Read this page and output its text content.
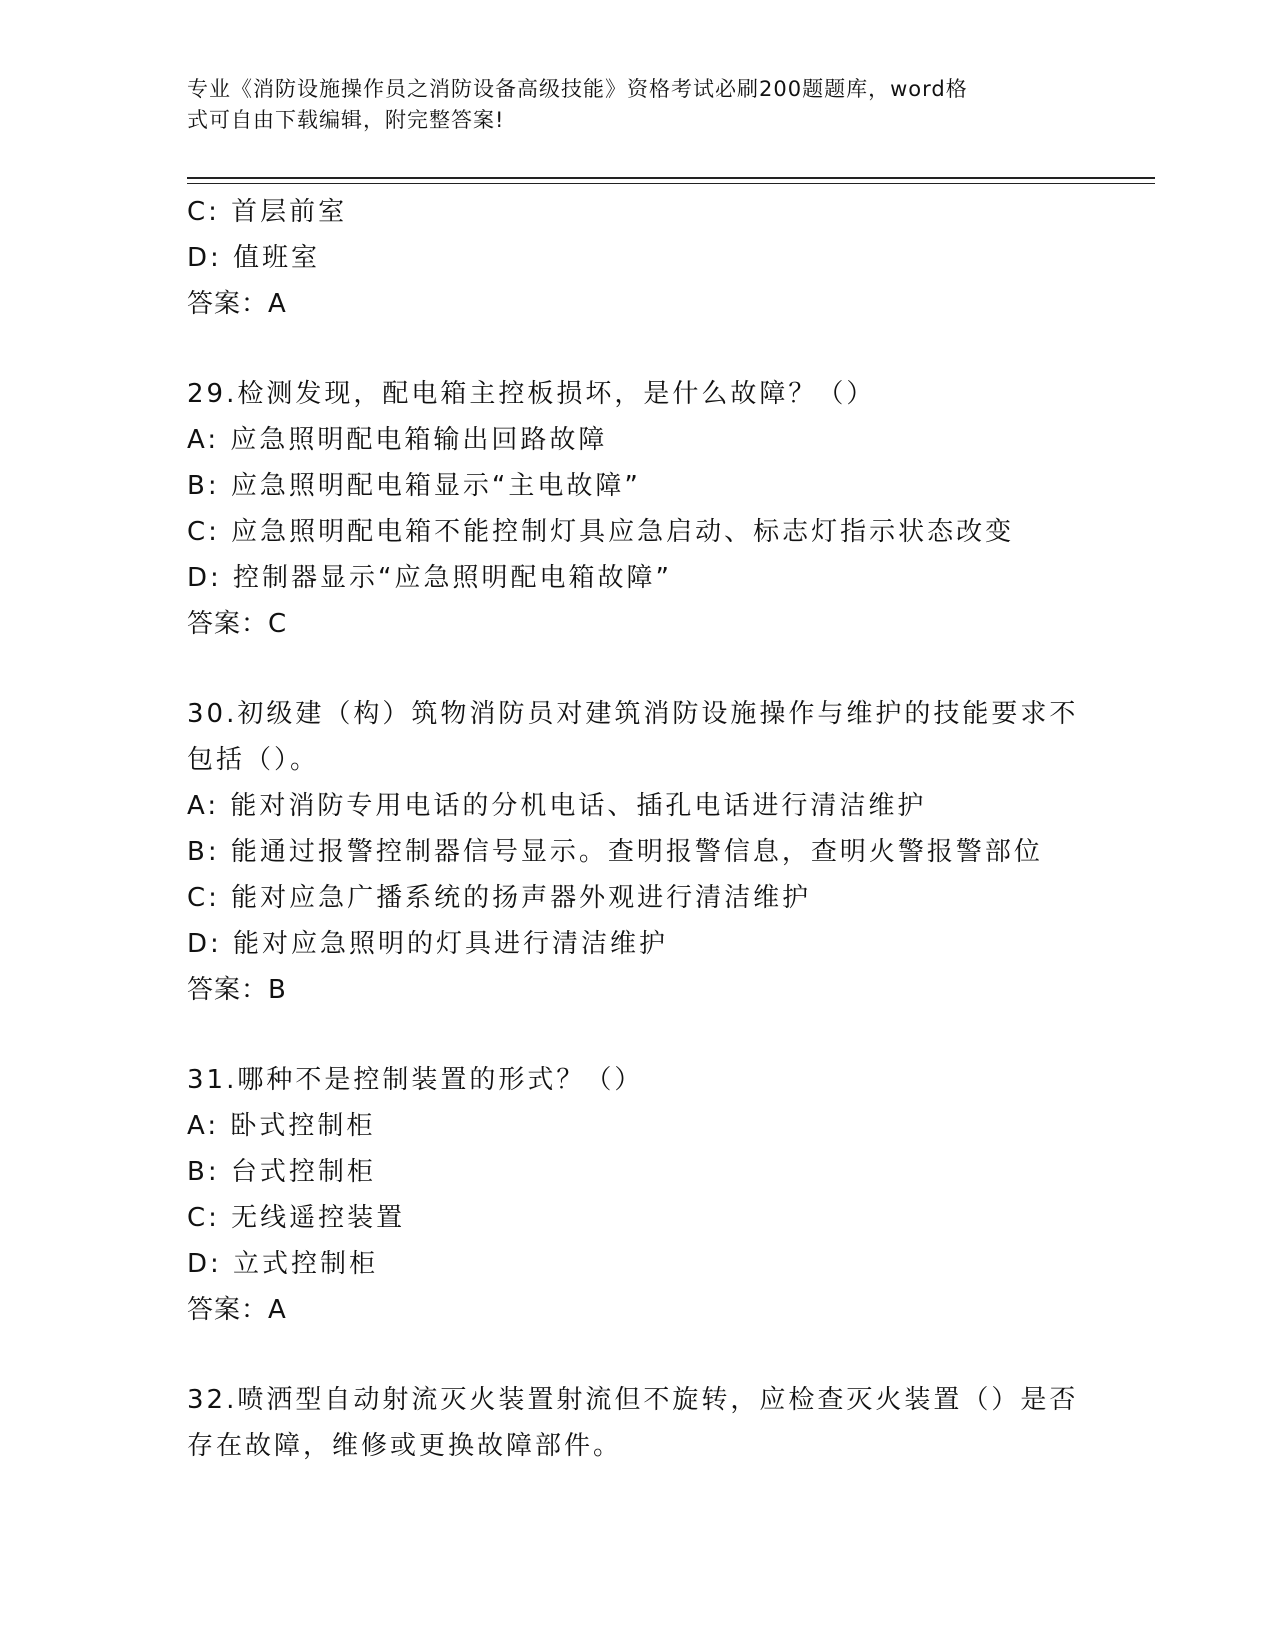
专业《消防设施操作员之消防设备高级技能》资格考试必刷200题题库，word格
式可自由下载编辑，附完整答案!
C: 首层前室
D: 值班室
答案：A
29.检测发现，配电箱主控板损坏，是什么故障？（）
A: 应急照明配电箱输出回路故障
B: 应急照明配电箱显示“主电故障”
C: 应急照明配电箱不能控制灯具应急启动、标志灯指示状态改变
D: 控制器显示“应急照明配电箱故障”
答案：C
30.初级建（构）筑物消防员对建筑消防设施操作与维护的技能要求不
包括（）。
A: 能对消防专用电话的分机电话、插孔电话进行清洁维护
B: 能通过报警控制器信号显示。查明报警信息，查明火警报警部位
C: 能对应急广播系统的扬声器外观进行清洁维护
D: 能对应急照明的灯具进行清洁维护
答案：B
31.哪种不是控制装置的形式？（）
A: 卧式控制柜
B: 台式控制柜
C: 无线遥控装置
D: 立式控制柜
答案：A
32.喷洒型自动射流灭火装置射流但不旋转，应检查灭火装置（）是否
存在故障，维修或更换故障部件。
